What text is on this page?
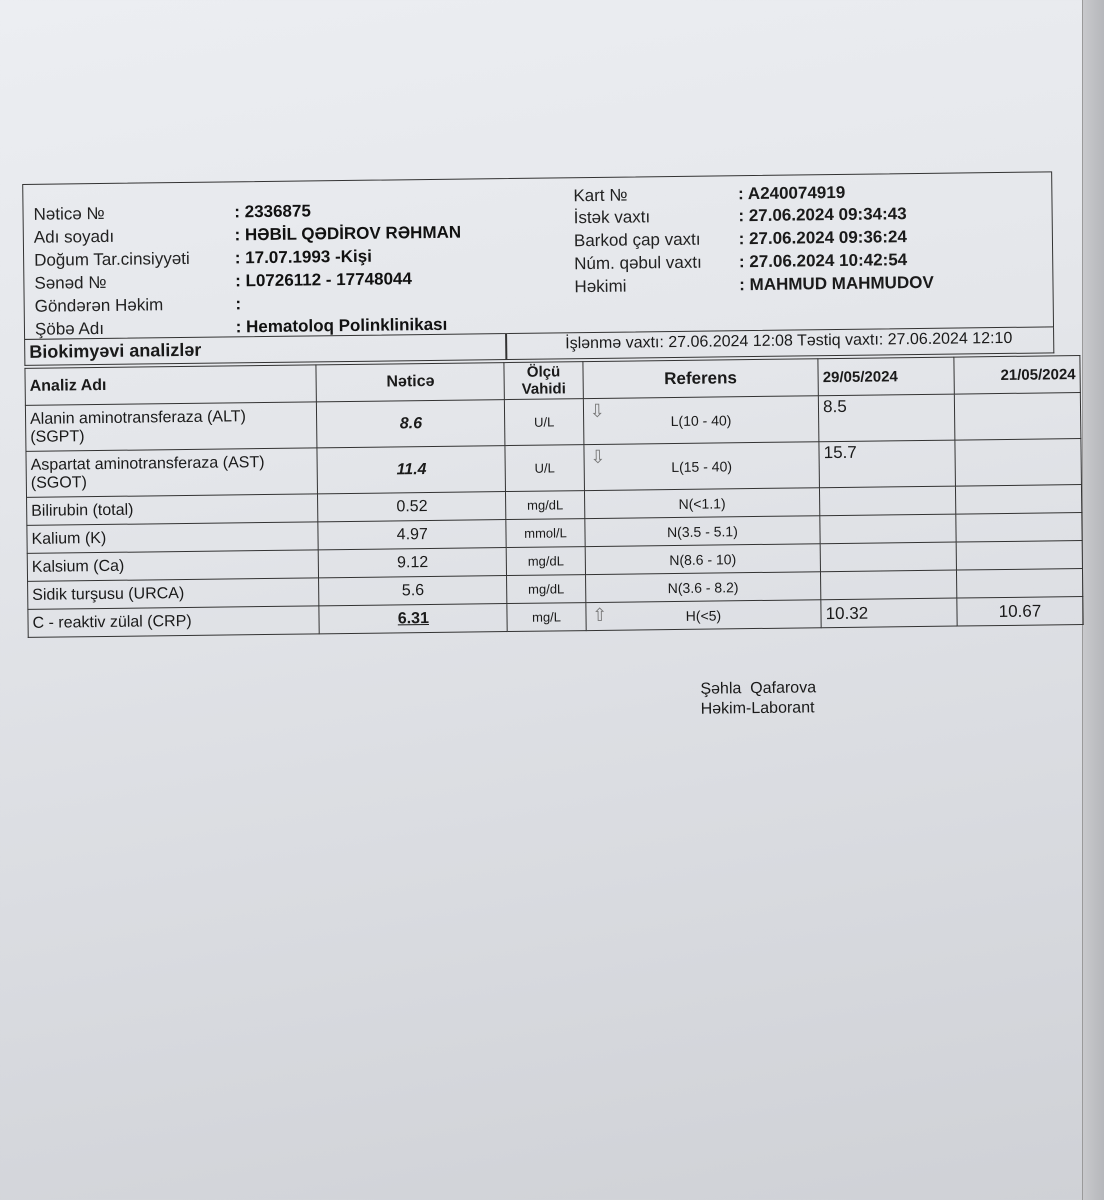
Nəticə №	: 2336875
Adı soyadı	: HƏBİL QƏDİROV RƏHMAN
Doğum Tar.cinsiyyəti	: 17.07.1993 -Kişi
Sənəd №	: L0726112 - 17748044
Göndərən Həkim	:
Şöbə Adı	: Hematoloq Polinklinikası
Kart №	: A240074919
İstək vaxtı	: 27.06.2024 09:34:43
Barkod çap vaxtı : 27.06.2024 09:36:24
Núm. qəbul vaxtı : 27.06.2024 10:42:54
Həkimi	: MAHMUD MAHMUDOV
Biokimyəvi analizlər	İşlənmə vaxtı: 27.06.2024 12:08 Təstiq vaxtı: 27.06.2024 12:10
Analiz Adı	Nəticə	Ölçü
Vahidi	Referens	29/05/2024	21/05/2024
Alanin aminotransferaza (ALT)
(SGPT)	8.6	U/L	⇩ L(10 - 40)	8.5	
Aspartat aminotransferaza (AST)
(SGOT)	11.4	U/L	⇩ L(15 - 40)	15.7	
Bilirubin (total)	0.52	mg/dL	N(<1.1)		
Kalium (K)	4.97	mmol/L	N(3.5 - 5.1)		
Kalsium (Ca)	9.12	mg/dL	N(8.6 - 10)		
Sidik turşusu (URCA)	5.6	mg/dL	N(3.6 - 8.2)		
C - reaktiv zülal (CRP)	6.31	mg/L	⇧ H(<5)	10.32	10.67
Şəhla  Qafarova
Həkim-Laborant
